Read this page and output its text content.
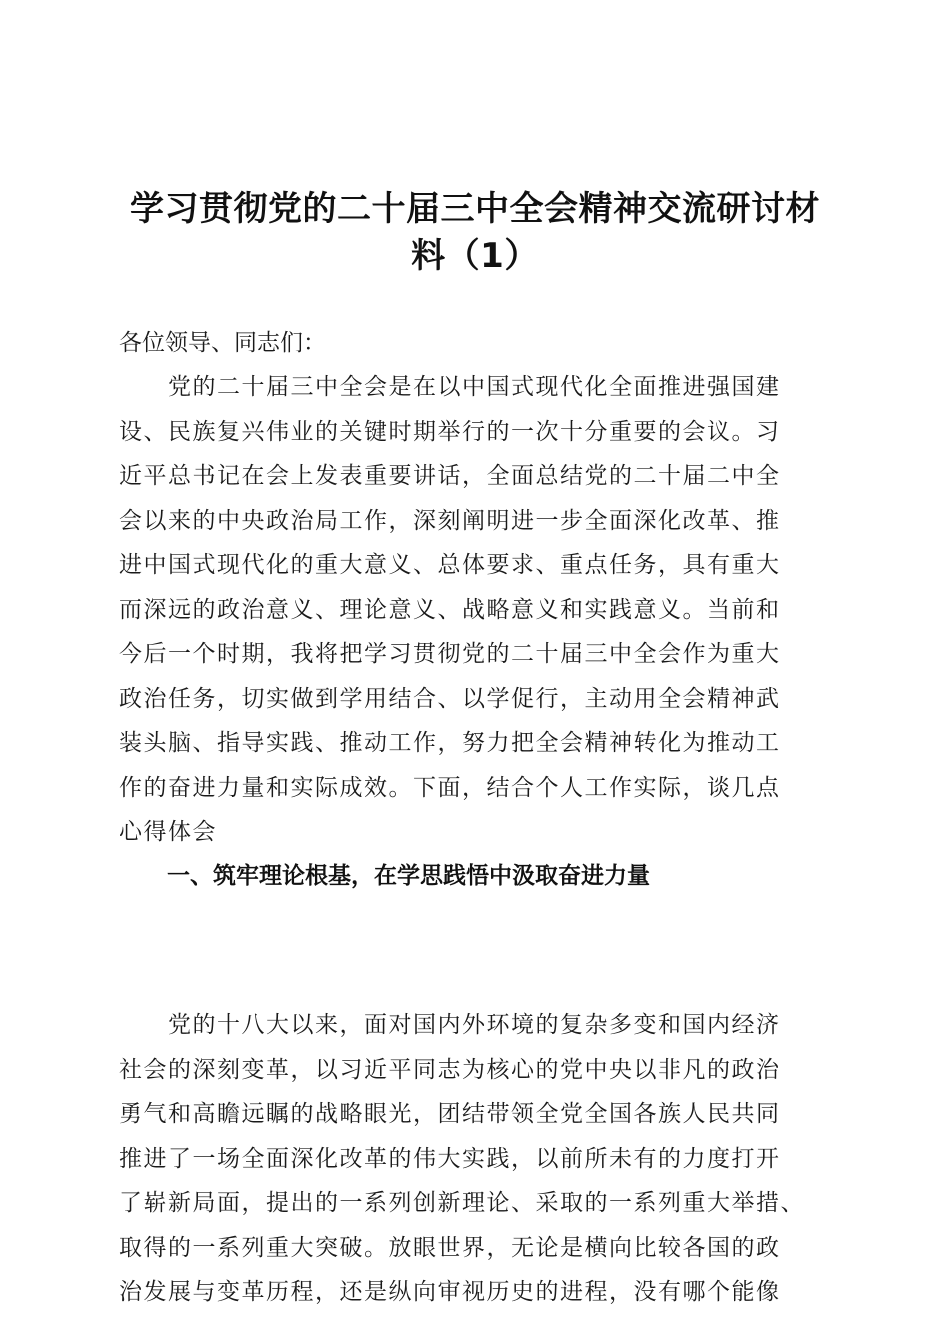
学习贯彻党的二十届三中全会精神交流研讨材
料（1）
各位领导、同志们：
　　党的二十届三中全会是在以中国式现代化全面推进强国建
设、民族复兴伟业的关键时期举行的一次十分重要的会议。习
近平总书记在会上发表重要讲话，全面总结党的二十届二中全
会以来的中央政治局工作，深刻阐明进一步全面深化改革、推
进中国式现代化的重大意义、总体要求、重点任务，具有重大
而深远的政治意义、理论意义、战略意义和实践意义。当前和
今后一个时期，我将把学习贯彻党的二十届三中全会作为重大
政治任务，切实做到学用结合、以学促行，主动用全会精神武
装头脑、指导实践、推动工作，努力把全会精神转化为推动工
作的奋进力量和实际成效。下面，结合个人工作实际，谈几点
心得体会
一、筑牢理论根基，在学思践悟中汲取奋进力量
　　党的十八大以来，面对国内外环境的复杂多变和国内经济
社会的深刻变革，以习近平同志为核心的党中央以非凡的政治
勇气和高瞻远瞩的战略眼光，团结带领全党全国各族人民共同
推进了一场全面深化改革的伟大实践，以前所未有的力度打开
了崭新局面，提出的一系列创新理论、采取的一系列重大举措、
取得的一系列重大突破。放眼世界，无论是横向比较各国的政
治发展与变革历程，还是纵向审视历史的进程，没有哪个能像
